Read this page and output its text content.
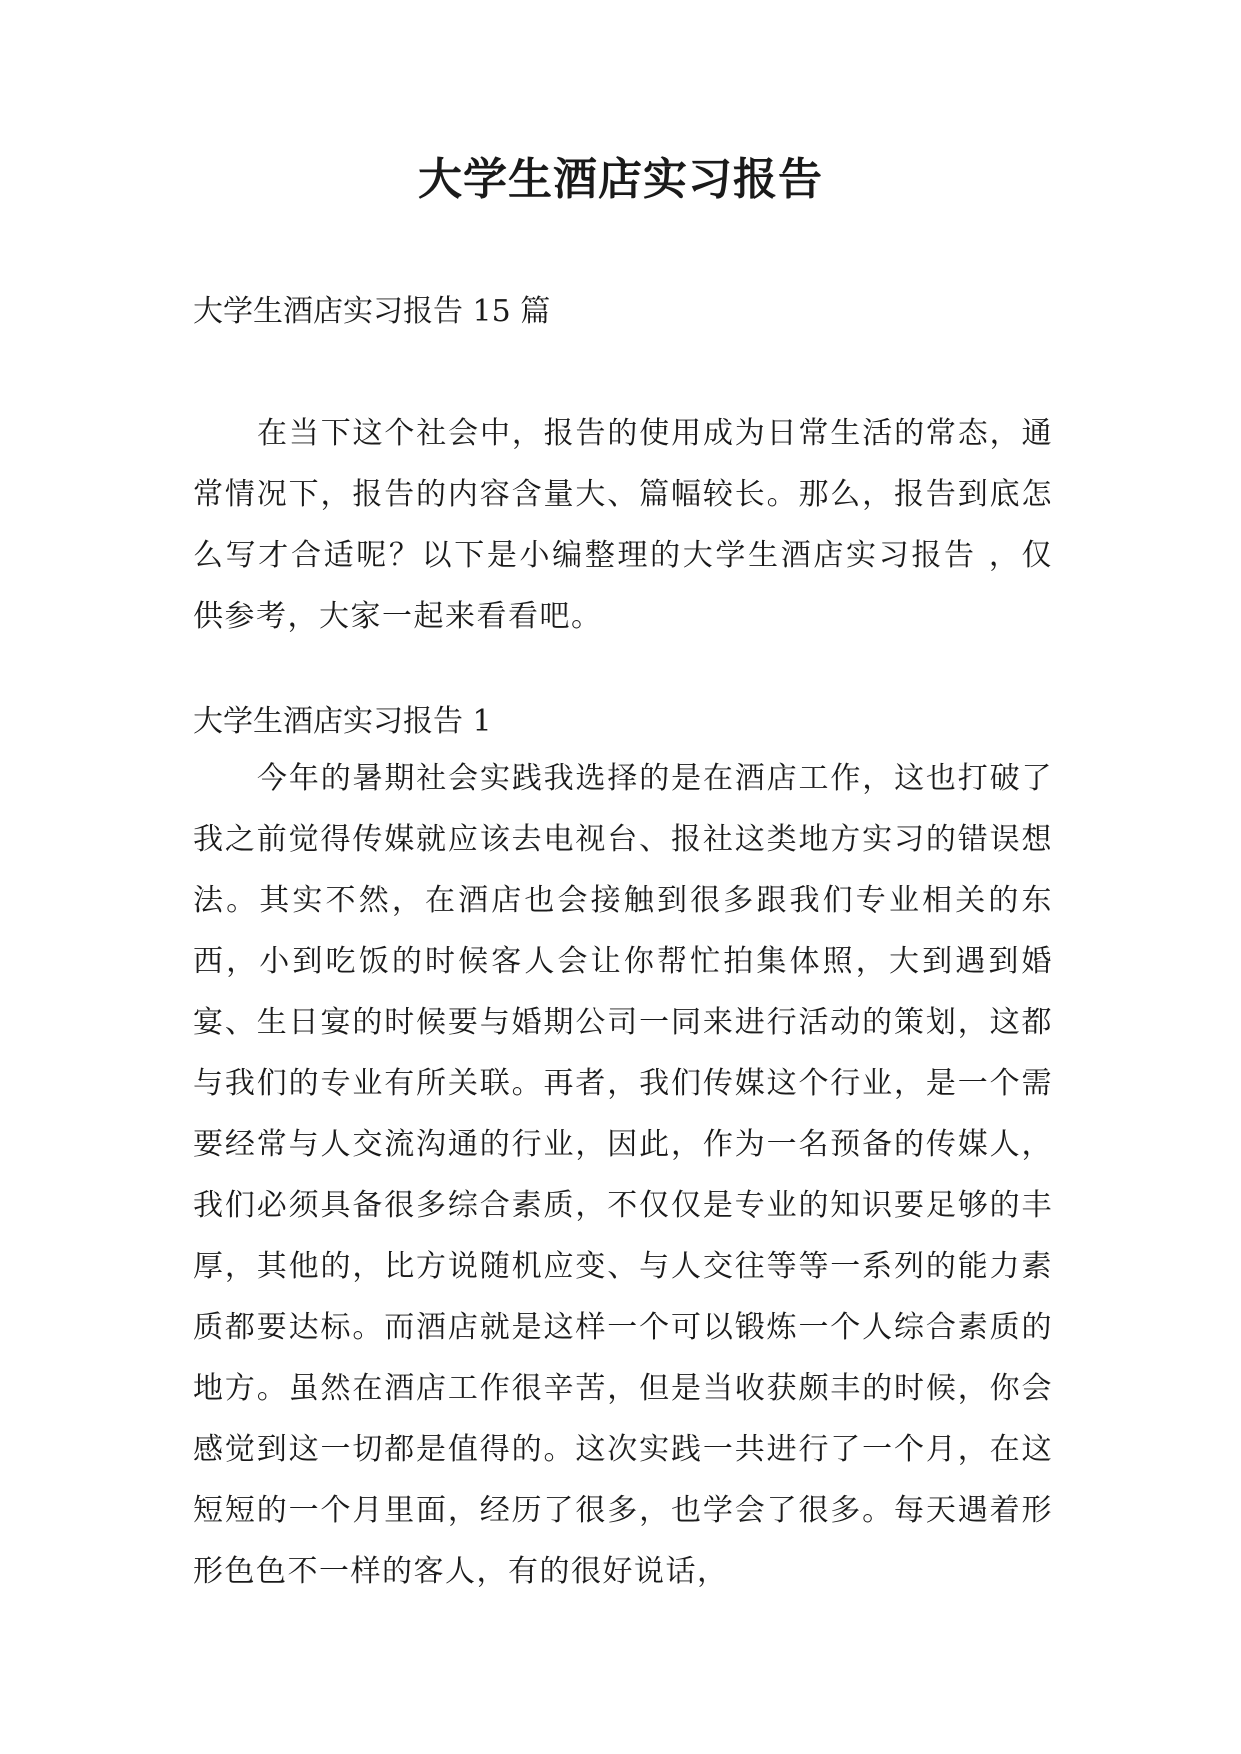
大学生酒店实习报告

大学生酒店实习报告 15 篇

在当下这个社会中，报告的使用成为日常生活的常态，通常情况下，报告的内容含量大、篇幅较长。那么，报告到底怎么写才合适呢？以下是小编整理的大学生酒店实习报告 ，仅供参考，大家一起来看看吧。

大学生酒店实习报告 1

今年的暑期社会实践我选择的是在酒店工作，这也打破了我之前觉得传媒就应该去电视台、报社这类地方实习的错误想法。其实不然，在酒店也会接触到很多跟我们专业相关的东西，小到吃饭的时候客人会让你帮忙拍集体照，大到遇到婚宴、生日宴的时候要与婚期公司一同来进行活动的策划，这都与我们的专业有所关联。再者，我们传媒这个行业，是一个需要经常与人交流沟通的行业，因此，作为一名预备的传媒人，我们必须具备很多综合素质，不仅仅是专业的知识要足够的丰厚，其他的，比方说随机应变、与人交往等等一系列的能力素质都要达标。而酒店就是这样一个可以锻炼一个人综合素质的地方。虽然在酒店工作很辛苦，但是当收获颇丰的时候，你会感觉到这一切都是值得的。这次实践一共进行了一个月，在这短短的一个月里面，经历了很多，也学会了很多。每天遇着形形色色不一样的客人，有的很好说话，
